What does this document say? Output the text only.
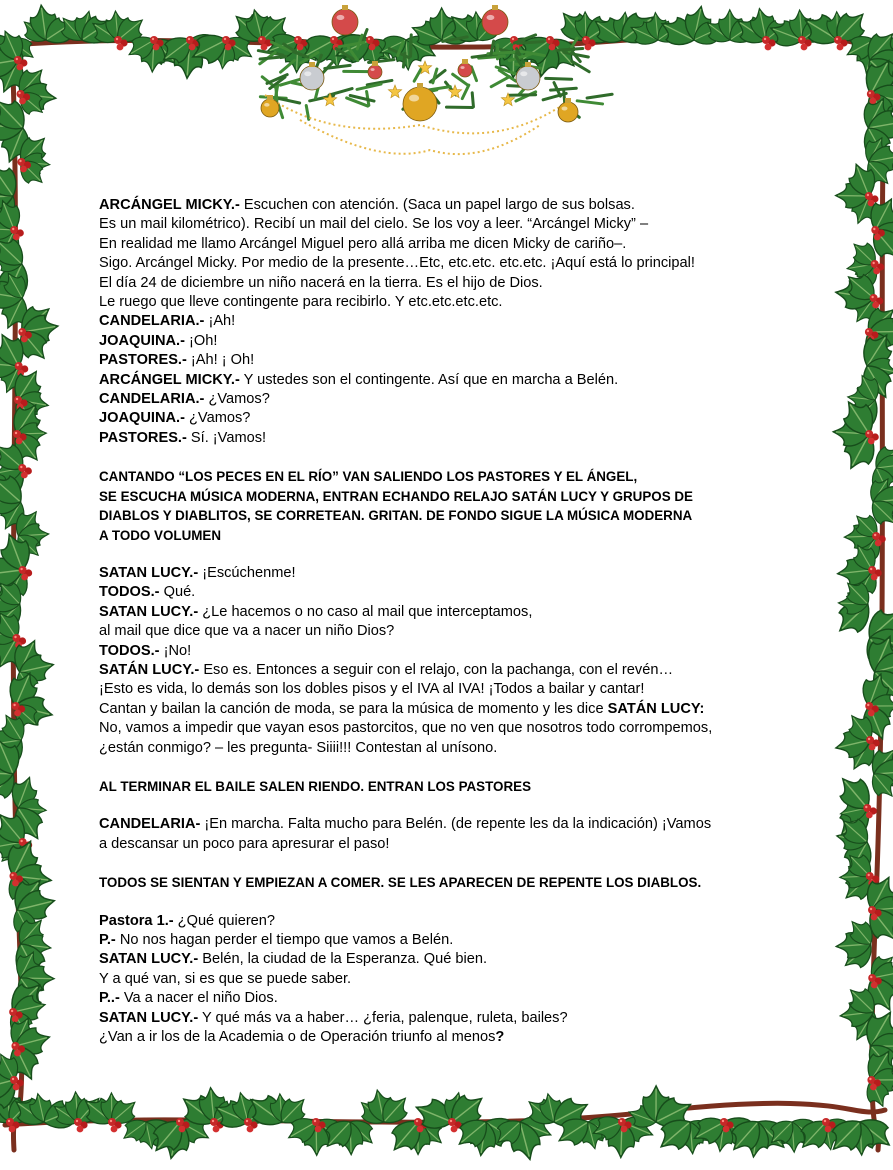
ARCÁNGEL MICKY.- Escuchen con atención. (Saca un papel largo de sus bolsas.
Es un mail kilométrico). Recibí un mail del cielo. Se los voy a leer. “Arcángel Micky” –
En realidad me llamo Arcángel Miguel pero allá arriba me dicen Micky de cariño–.
Sigo. Arcángel Micky. Por medio de la presente…Etc, etc.etc. etc.etc. ¡Aquí está lo principal!
El día 24 de diciembre un niño nacerá en la tierra. Es el hijo de Dios.
Le ruego que lleve contingente para recibirlo. Y etc.etc.etc.etc.
CANDELARIA.- ¡Ah!
JOAQUINA.- ¡Oh!
PASTORES.- ¡Ah! ¡ Oh!
ARCÁNGEL MICKY.- Y ustedes son el contingente. Así que en marcha a Belén.
CANDELARIA.- ¿Vamos?
JOAQUINA.- ¿Vamos?
PASTORES.- Sí. ¡Vamos!
CANTANDO “LOS PECES EN EL RÍO” VAN SALIENDO LOS PASTORES Y EL ÁNGEL,
SE ESCUCHA MÚSICA MODERNA, ENTRAN ECHANDO RELAJO SATÁN LUCY Y GRUPOS DE
DIABLOS Y DIABLITOS, SE CORRETEAN. GRITAN. DE FONDO SIGUE LA MÚSICA MODERNA
A TODO VOLUMEN
SATAN LUCY.- ¡Escúchenme!
TODOS.- Qué.
SATAN LUCY.- ¿Le hacemos o no caso al mail que interceptamos,
al mail que dice que va a nacer un niño Dios?
TODOS.- ¡No!
SATÁN LUCY.- Eso es. Entonces a seguir con el relajo, con la pachanga, con el revén…
¡Esto es vida, lo demás son los dobles pisos y el IVA al IVA! ¡Todos a bailar y cantar!
Cantan y bailan la canción de moda, se para la música de momento y les dice SATÁN LUCY:
No, vamos a impedir que vayan esos pastorcitos, que no ven que nosotros todo corrompemos,
¿están conmigo? – les pregunta- Siiii!!! Contestan al unísono.
AL TERMINAR EL BAILE SALEN RIENDO. ENTRAN LOS PASTORES
CANDELARIA- ¡En marcha. Falta mucho para Belén. (de repente les da la indicación) ¡Vamos
a descansar un poco para apresurar el paso!
TODOS SE SIENTAN Y EMPIEZAN A COMER. SE LES APARECEN DE REPENTE LOS DIABLOS.
Pastora 1.- ¿Qué quieren?
P.- No nos hagan perder el tiempo que vamos a Belén.
SATAN LUCY.- Belén, la ciudad de la Esperanza. Qué bien.
Y a qué van, si es que se puede saber.
P..- Va a nacer el niño Dios.
SATAN LUCY.- Y qué más va a haber… ¿feria, palenque, ruleta, bailes?
¿Van a ir los de la Academia o de Operación triunfo al menos?
